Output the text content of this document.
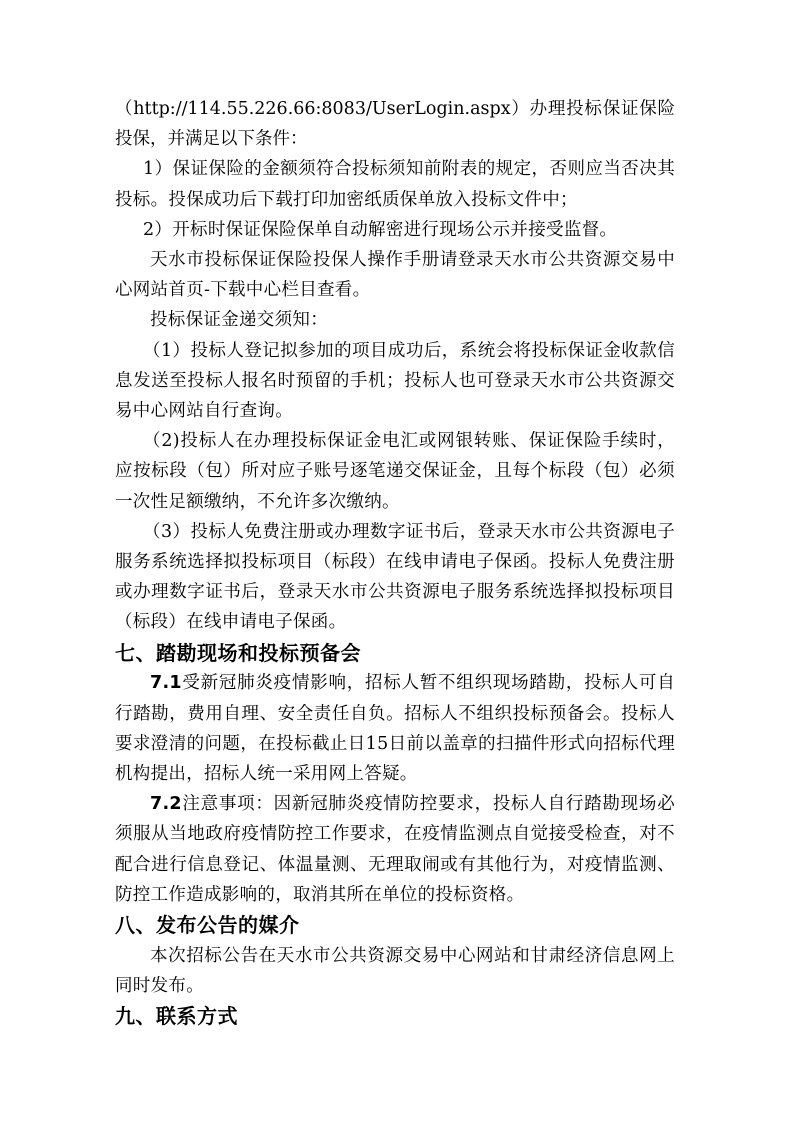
（http://114.55.226.66:8083/UserLogin.aspx）办理投标保证保险投保，并满足以下条件：

1）保证保险的金额须符合投标须知前附表的规定，否则应当否决其投标。投保成功后下载打印加密纸质保单放入投标文件中；

2）开标时保证保险保单自动解密进行现场公示并接受监督。

天水市投标保证保险投保人操作手册请登录天水市公共资源交易中心网站首页-下载中心栏目查看。

投标保证金递交须知：

（1）投标人登记拟参加的项目成功后，系统会将投标保证金收款信息发送至投标人报名时预留的手机；投标人也可登录天水市公共资源交易中心网站自行查询。

（2)投标人在办理投标保证金电汇或网银转账、保证保险手续时，应按标段（包）所对应子账号逐笔递交保证金，且每个标段（包）必须一次性足额缴纳，不允许多次缴纳。

（3）投标人免费注册或办理数字证书后，登录天水市公共资源电子服务系统选择拟投标项目（标段）在线申请电子保函。投标人免费注册或办理数字证书后，登录天水市公共资源电子服务系统选择拟投标项目（标段）在线申请电子保函。

七、踏勘现场和投标预备会

7.1受新冠肺炎疫情影响，招标人暂不组织现场踏勘，投标人可自行踏勘，费用自理、安全责任自负。招标人不组织投标预备会。投标人要求澄清的问题，在投标截止日15日前以盖章的扫描件形式向招标代理机构提出，招标人统一采用网上答疑。

7.2注意事项：因新冠肺炎疫情防控要求，投标人自行踏勘现场必须服从当地政府疫情防控工作要求，在疫情监测点自觉接受检查，对不配合进行信息登记、体温量测、无理取闹或有其他行为，对疫情监测、防控工作造成影响的，取消其所在单位的投标资格。

八、发布公告的媒介

本次招标公告在天水市公共资源交易中心网站和甘肃经济信息网上同时发布。

九、联系方式
